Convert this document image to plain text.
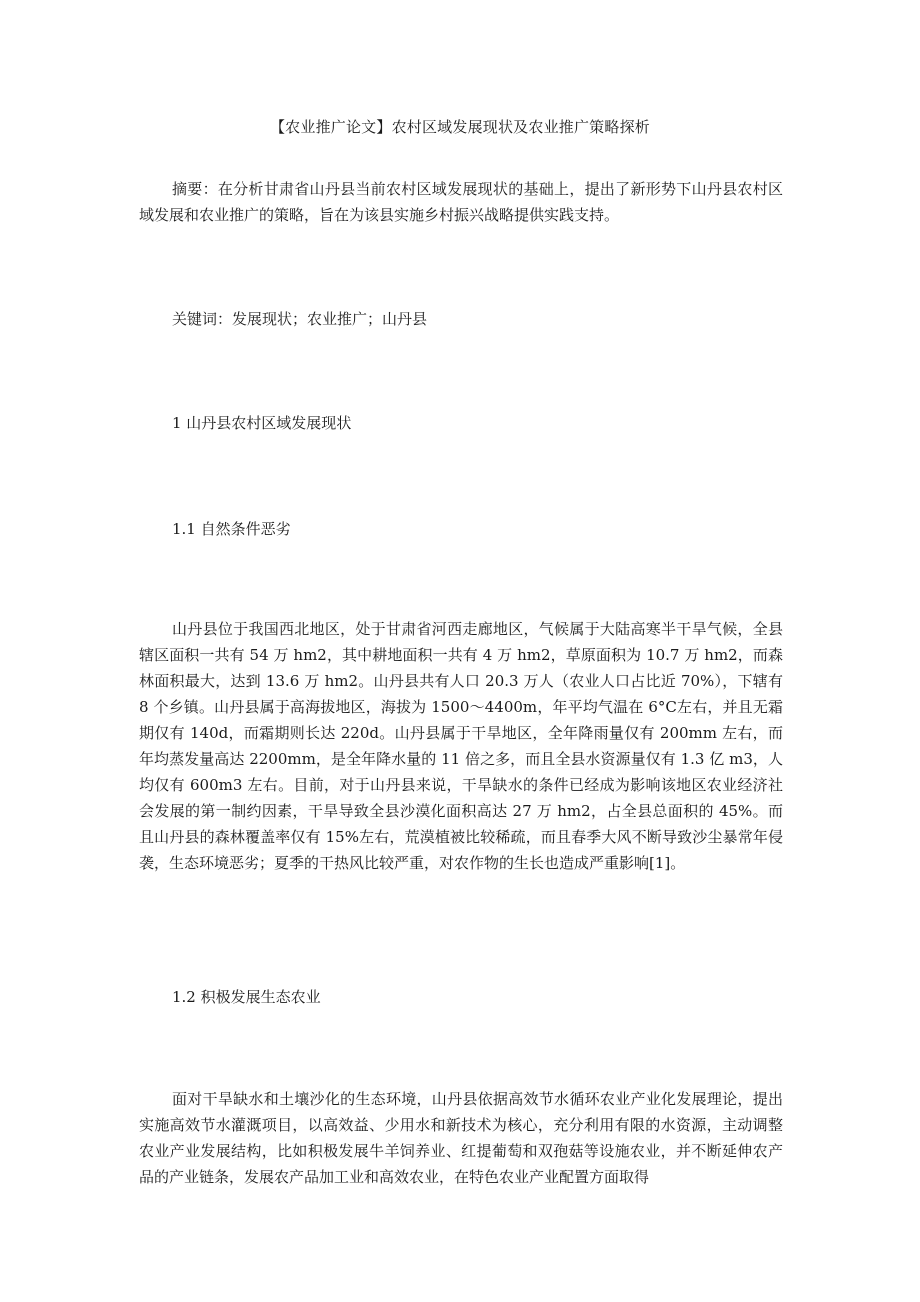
【农业推广论文】农村区域发展现状及农业推广策略探析
摘要：在分析甘肃省山丹县当前农村区域发展现状的基础上，提出了新形势下山丹县农村区域发展和农业推广的策略，旨在为该县实施乡村振兴战略提供实践支持。
关键词：发展现状；农业推广；山丹县
1 山丹县农村区域发展现状
1.1 自然条件恶劣
山丹县位于我国西北地区，处于甘肃省河西走廊地区，气候属于大陆高寒半干旱气候，全县辖区面积一共有 54 万 hm2，其中耕地面积一共有 4 万 hm2，草原面积为 10.7 万 hm2，而森林面积最大，达到 13.6 万 hm2。山丹县共有人口 20.3 万人（农业人口占比近 70%），下辖有 8 个乡镇。山丹县属于高海拔地区，海拔为 1500～4400m，年平均气温在 6°C左右，并且无霜期仅有 140d，而霜期则长达 220d。山丹县属于干旱地区，全年降雨量仅有 200mm 左右，而年均蒸发量高达 2200mm，是全年降水量的 11 倍之多，而且全县水资源量仅有 1.3 亿 m3，人均仅有 600m3 左右。目前，对于山丹县来说，干旱缺水的条件已经成为影响该地区农业经济社会发展的第一制约因素，干旱导致全县沙漠化面积高达 27 万 hm2，占全县总面积的 45%。而且山丹县的森林覆盖率仅有 15%左右，荒漠植被比较稀疏，而且春季大风不断导致沙尘暴常年侵袭，生态环境恶劣；夏季的干热风比较严重，对农作物的生长也造成严重影响[1]。
1.2 积极发展生态农业
面对干旱缺水和土壤沙化的生态环境，山丹县依据高效节水循环农业产业化发展理论，提出实施高效节水灌溉项目，以高效益、少用水和新技术为核心，充分利用有限的水资源，主动调整农业产业发展结构，比如积极发展牛羊饲养业、红提葡萄和双孢菇等设施农业，并不断延伸农产品的产业链条，发展农产品加工业和高效农业，在特色农业产业配置方面取得
